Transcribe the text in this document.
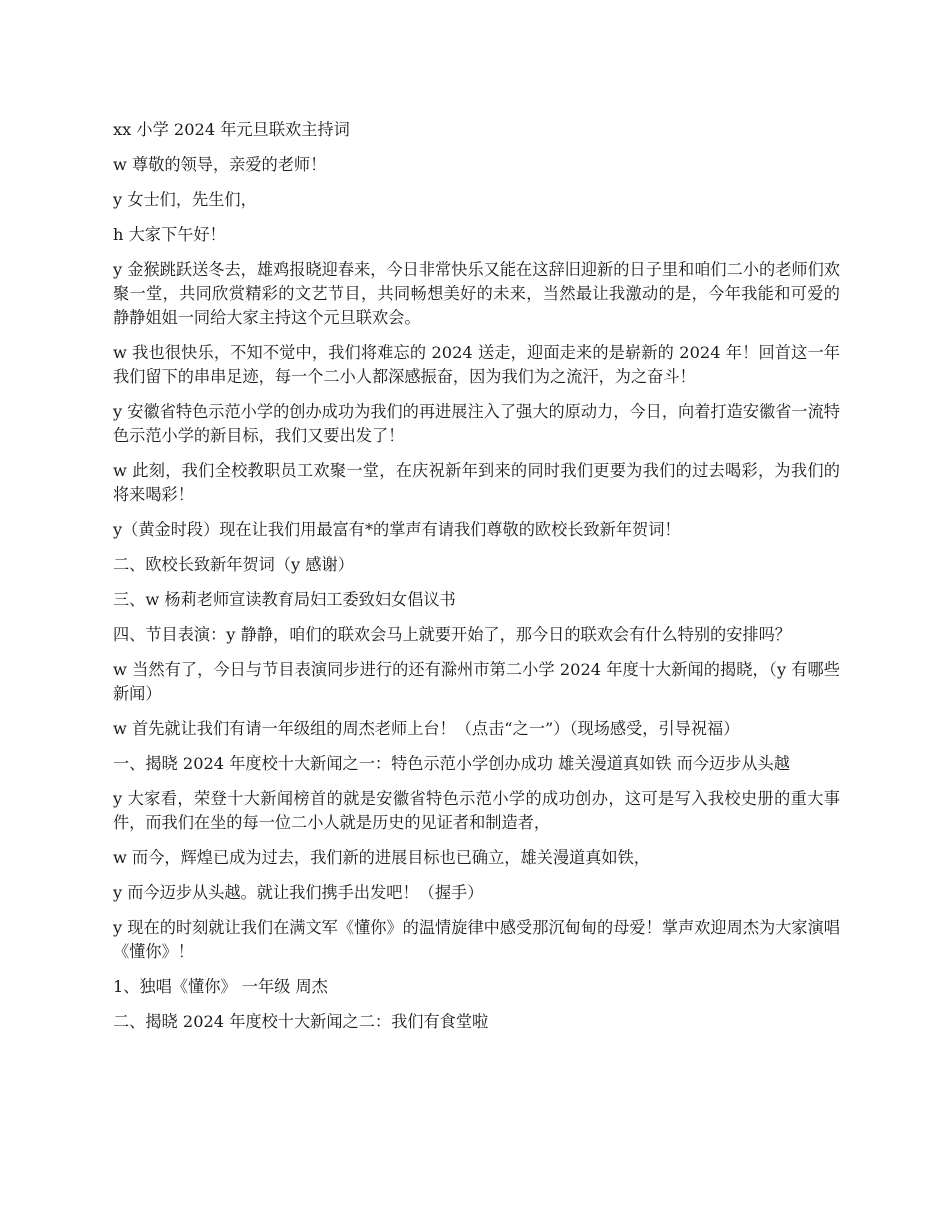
xx 小学 2024 年元旦联欢主持词

w 尊敬的领导，亲爱的老师！

y 女士们，先生们，

h 大家下午好！

y 金猴跳跃送冬去，雄鸡报晓迎春来，今日非常快乐又能在这辞旧迎新的日子里和咱们二小的老师们欢聚一堂，共同欣赏精彩的文艺节目，共同畅想美好的未来，当然最让我激动的是，今年我能和可爱的静静姐姐一同给大家主持这个元旦联欢会。

w 我也很快乐，不知不觉中，我们将难忘的 2024 送走，迎面走来的是崭新的 2024 年！回首这一年我们留下的串串足迹，每一个二小人都深感振奋，因为我们为之流汗，为之奋斗！

y 安徽省特色示范小学的创办成功为我们的再进展注入了强大的原动力，今日，向着打造安徽省一流特色示范小学的新目标，我们又要出发了！

w 此刻，我们全校教职员工欢聚一堂，在庆祝新年到来的同时我们更要为我们的过去喝彩，为我们的将来喝彩！

y（黄金时段）现在让我们用最富有*的掌声有请我们尊敬的欧校长致新年贺词！

二、欧校长致新年贺词（y 感谢）

三、w 杨莉老师宣读教育局妇工委致妇女倡议书

四、节目表演：y 静静，咱们的联欢会马上就要开始了，那今日的联欢会有什么特别的安排吗？

w 当然有了，今日与节目表演同步进行的还有滁州市第二小学 2024 年度十大新闻的揭晓，（y 有哪些新闻）

w 首先就让我们有请一年级组的周杰老师上台！（点击“之一”）（现场感受，引导祝福）

一、揭晓 2024 年度校十大新闻之一：特色示范小学创办成功 雄关漫道真如铁 而今迈步从头越

y 大家看，荣登十大新闻榜首的就是安徽省特色示范小学的成功创办，这可是写入我校史册的重大事件，而我们在坐的每一位二小人就是历史的见证者和制造者，

w 而今，辉煌已成为过去，我们新的进展目标也已确立，雄关漫道真如铁，

y 而今迈步从头越。就让我们携手出发吧！（握手）

y 现在的时刻就让我们在满文军《懂你》的温情旋律中感受那沉甸甸的母爱！掌声欢迎周杰为大家演唱《懂你》！

1、独唱《懂你》 一年级 周杰

二、揭晓 2024 年度校十大新闻之二：我们有食堂啦
